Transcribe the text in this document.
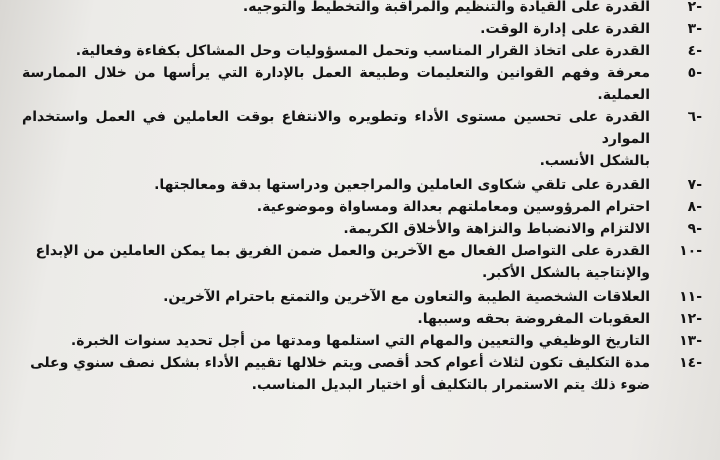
-٢
القدرة على القيادة والتنظيم والمراقبة والتخطيط والتوجيه.
-٣
القدرة على إدارة الوقت.
-٤
القدرة على اتخاذ القرار المناسب وتحمل المسؤوليات وحل المشاكل بكفاءة وفعالية.
-٥
معرفة وفهم القوانين والتعليمات وطبيعة العمل بالإدارة التي يرأسها من خلال الممارسة العملية.
-٦
القدرة على تحسين مستوى الأداء وتطويره والانتفاع بوقت العاملين في العمل واستخدام الموارد
بالشكل الأنسب.
-٧
القدرة على تلقي شكاوى العاملين والمراجعين ودراستها بدقة ومعالجتها.
-٨
احترام المرؤوسين ومعاملتهم بعدالة ومساواة وموضوعية.
-٩
الالتزام والانضباط والنزاهة والأخلاق الكريمة.
-١٠
القدرة على التواصل الفعال مع الآخرين والعمل ضمن الفريق بما يمكن العاملين من الإبداع
والإنتاجية بالشكل الأكبر.
-١١
العلاقات الشخصية الطيبة والتعاون مع الآخرين والتمتع باحترام الآخرين.
-١٢
العقوبات المفروضة بحقه وسببها.
-١٣
التاريخ الوظيفي والتعيين والمهام التي استلمها ومدتها من أجل تحديد سنوات الخبرة.
-١٤
مدة التكليف تكون لثلاث أعوام كحد أقصى ويتم خلالها تقييم الأداء بشكل نصف سنوي وعلى
ضوء ذلك يتم الاستمرار بالتكليف أو اختيار البديل المناسب.
